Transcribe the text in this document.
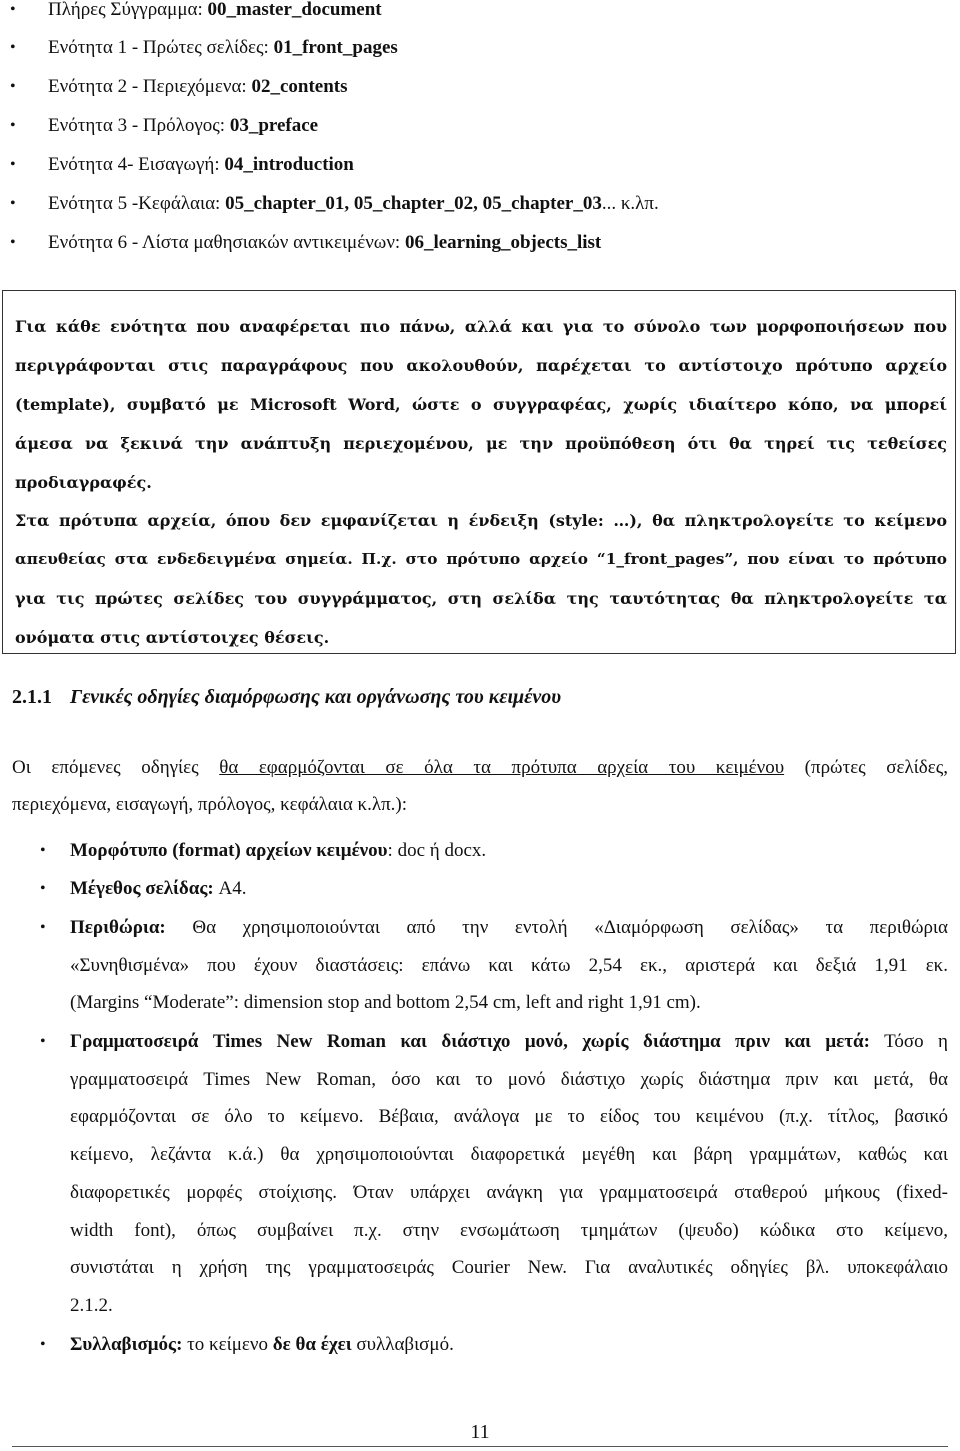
• Πλήρες Σύγγραμμα: 00_master_document
• Ενότητα 1 - Πρώτες σελίδες: 01_front_pages
• Ενότητα 2 - Περιεχόμενα: 02_contents
• Ενότητα 3 - Πρόλογος: 03_preface
• Ενότητα 4- Εισαγωγή: 04_introduction
• Ενότητα 5 -Κεφάλαια: 05_chapter_01, 05_chapter_02, 05_chapter_03... κ.λπ.
• Ενότητα 6 - Λίστα μαθησιακών αντικειμένων: 06_learning_objects_list

Για κάθε ενότητα που αναφέρεται πιο πάνω, αλλά και για το σύνολο των μορφοποιήσεων που

περιγράφονται στις παραγράφους που ακολουθούν, παρέχεται το αντίστοιχο πρότυπο αρχείο

(template), συμβατό με Microsoft Word, ώστε ο συγγραφέας, χωρίς ιδιαίτερο κόπο, να μπορεί

άμεσα να ξεκινά την ανάπτυξη περιεχομένου, με την προϋπόθεση ότι θα τηρεί τις τεθείσες

προδιαγραφές.

Στα πρότυπα αρχεία, όπου δεν εμφανίζεται η ένδειξη (style: …), θα πληκτρολογείτε το κείμενο

απευθείας στα ενδεδειγμένα σημεία. Π.χ. στο πρότυπο αρχείο “1_front_pages”, που είναι το πρότυπο

για τις πρώτες σελίδες του συγγράμματος, στη σελίδα της ταυτότητας θα πληκτρολογείτε τα

ονόματα στις αντίστοιχες θέσεις.

2.1.1 Γενικές οδηγίες διαμόρφωσης και οργάνωσης του κειμένου
Οι επόμενες οδηγίες θα εφαρμόζονται σε όλα τα πρότυπα αρχεία του κειμένου (πρώτες σελίδες,
περιεχόμενα, εισαγωγή, πρόλογος, κεφάλαια κ.λπ.):
• Μορφότυπο (format) αρχείων κειμένου: doc ή docx.
• Μέγεθος σελίδας: A4.
• Περιθώρια: Θα χρησιμοποιούνται από την εντολή «Διαμόρφωση σελίδας» τα περιθώρια
«Συνηθισμένα» που έχουν διαστάσεις: επάνω και κάτω 2,54 εκ., αριστερά και δεξιά 1,91 εκ.
(Margins “Moderate”: dimension stop and bottom 2,54 cm, left and right 1,91 cm).
• Γραμματοσειρά Times New Roman και διάστιχο μονό, χωρίς διάστημα πριν και μετά: Τόσο η
γραμματοσειρά Times New Roman, όσο και το μονό διάστιχο χωρίς διάστημα πριν και μετά, θα
εφαρμόζονται σε όλο το κείμενο. Βέβαια, ανάλογα με το είδος του κειμένου (π.χ. τίτλος, βασικό
κείμενο, λεζάντα κ.ά.) θα χρησιμοποιούνται διαφορετικά μεγέθη και βάρη γραμμάτων, καθώς και
διαφορετικές μορφές στοίχισης. Όταν υπάρχει ανάγκη για γραμματοσειρά σταθερού μήκους (fixed-
width font), όπως συμβαίνει π.χ. στην ενσωμάτωση τμημάτων (ψευδο) κώδικα στο κείμενο,
συνιστάται η χρήση της γραμματοσειράς Courier New. Για αναλυτικές οδηγίες βλ. υποκεφάλαιο
2.1.2.
• Συλλαβισμός: το κείμενο δε θα έχει συλλαβισμό.
11
